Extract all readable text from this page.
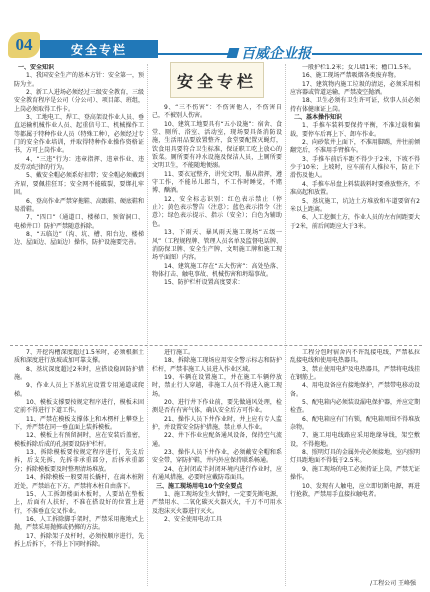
04	安全专栏	百威企业报
安全专栏

一、安全知识

1、我国安全生产的基本方针：安全第一，预防为主。

2、新工人进场必须经过三级安全教育，三级安全教育程序是公司（分公司）、项目部、班组，上岗必须取得工作卡。

3、工地电工、焊工、登高架设作业人员、垂直运输机械作业人员、起重信号工、机械操作工等都属于特种作业人员（特殊工种），必须经过专门的安全作业培训，并取得特种作业操作资格证书，方可上岗作业。

4、“三违”行为：违章指挥、违章作业、违反劳动纪律的行为。

5、戴安全帽必须系好扣带；安全帽必须戴到齐眉，要佩挂狂耳；安全网不能破裂，要绑扎牢固。

6、登高作业严禁穿拖鞋、高跟鞋、硬底鞋和易滑鞋。

7、“四口”（通道口、楼梯口、预留洞口、电梯井口）防护严禁随意拆除。

8、“五临边”（沟、坑、槽、阳台边、楼梯边、屋面边、屋面边）操作，防护设施要完善。

9、“三不伤害”：不伤害他人，不伤害自己，不被别人伤害。

10、建筑工地要具有“五小设施”：宿舍、食堂、厕所、浴室、活动室，现场要具备消防设施，生活用品要放置整齐，食堂要配置灭蝇灯，饮食用具要符合卫生标准，保证职工吃上放心的饭菜。厕所要有冲水设施及保洁人员，上厕所要文明卫生，不能随地便溺。

11、要衣冠整齐，讲究文明，服从指挥，遵守工作，不能吊儿郎当，不工作时睡觉，不赌博、酗酒。

12、安全标志识别：红色表示禁止（停止）；黄色表示警告（注意）；蓝色表示指令（注意）；绿色表示提示、指示（安全）；白色为辅助色。

13、下雨天、暴风雨天施工现场“五级一风”（工程规程牌、管理人员名单及监督电话牌、消防保卫牌、安全生产牌、文明施工牌和施工现场平面图）内容。

14、建筑施工存在“五大伤害”：高处坠落、物体打击、触电事故、机械伤害和坍塌事故。

15、防护栏杆设置高度要求：

一般护栏1.2米；女儿墙1米；檐口1.5米。

16、施工现场严禁吸烟各类废弃物。

17、建筑物内施工垃圾的清运，必须采用相应容器或管道运输，严禁凌空抛洒。

18、卫生必须有卫生许可证，炊事人员必须持有体健康证上岗。

二、基本操作知识

1、手推车装料要保持平衡，不准过载和偏载，要停车后再上下、卸车作业。

2、向砂浆井上面下，不准用脚踢，井往前倾翻完后，不准用手臂推车。

3、手推车前后车距不得少于2米，下坡不得少于10米；上坡时，应车前有人推拉车，防止下滑伤及他人。

4、手推车吊盘上料装载料时要叠放整齐，不准高起和放置。

5、基坑施工，坑边土方堆放和车道要留有2米以上距离。

6、人工挖掘土方，作业人员的左右间距要大于2米，前后间距应大于3米。

7、开挖沟槽深度超过1.5米时，必须根据土质和深度进行放坡或加可靠支撑。

8、基坑深度超过2米时，应搭设稳固防护措施。

9、作业人员上下基坑应设置专用通道或爬梯。

10、模板支撑要按规定程序进行，模板未固定前不得进行下道工作。

11、严禁在模板支撑体上和木楞杆上攀登上下，并严禁在同一垂直面上装拆模板。

12、模板上有预留洞时，应在安装后盖密，模板拆除后成的孔洞要设防护栏杆。

13、拆除模板要按规定程序进行，先支后拆，后支先拆，先拆非承重部分，后拆承重部分；拆除模板要及时整理清场堆放。

14、拆除模板一般要用长撬杆，在离木桩附近处，严禁站在下方，严禁将木桩自由落下。

15、人工拆卸楼面木板时，人要站在垫板上，后面有人扶好，不准在搭设好的位置上进行，不准垂直交叉作业。

16、人工拆除脚手架时，严禁采用拖地式上抛，严禁采用抛掷或扔掷的方法。

17、拆除架子及杆时，必须按顺序进行，先拆上后拆下，不得上下同时拆除。

进行施工。

18、拆除施工现场应用安全警示标志和防护栏杆，严禁非施工人员进入作业区域。

19、车辆在设置施工，并在施工车辆停放时，禁止行人穿越，非施工人员不得进入施工现场。

20、进行井下作业前，要先做通风处理，检测是否有有害气体，确认安全后方可作业。

21、操作人员下井作业时，井上应有专人监护，并设置安全防护措施，禁止单人作业。

22、井下作业应配备通风设备，保持空气流通。

23、操作人员下井作业，必须戴安全帽和系安全带，穿防护鞋，井内外应保持联系畅通。

24、在封闭或半封闭环境内进行作业时，应有通风措施，必要时应戴防毒面具。

三、施工现场用电10个安全要点

1、施工现场发生火情时，一定要先断电源，严禁用水、二氧化碳灭火器灭火，千万不可用水及泡沫灭火器进行灭火。

2、安全使用电动工具

工程分包时宿舍内不许乱接电线，严禁私拉乱接电线和使用电热器具。

3、禁止使用电炉及电热器具，严禁将电线挂在钢筋上。

4、用电设备应有接地保护，严禁带电移动设备。

5、配电箱内必须装设漏电保护器，并应定期检查。

6、配电箱应有门有锁，配电箱周围不得堆放杂物。

7、施工用电线路应采用绝缘导线，架空敷设，不得拖地。

8、照明灯具的金属外壳必须接地，室内照明灯具距地面不得低于2.5米。

9、施工现场的电工必须持证上岗，严禁无证操作。

10、发现有人触电，应立即切断电源，再进行抢救，严禁用手直接拉触电者。

/工程公司 王峰强
